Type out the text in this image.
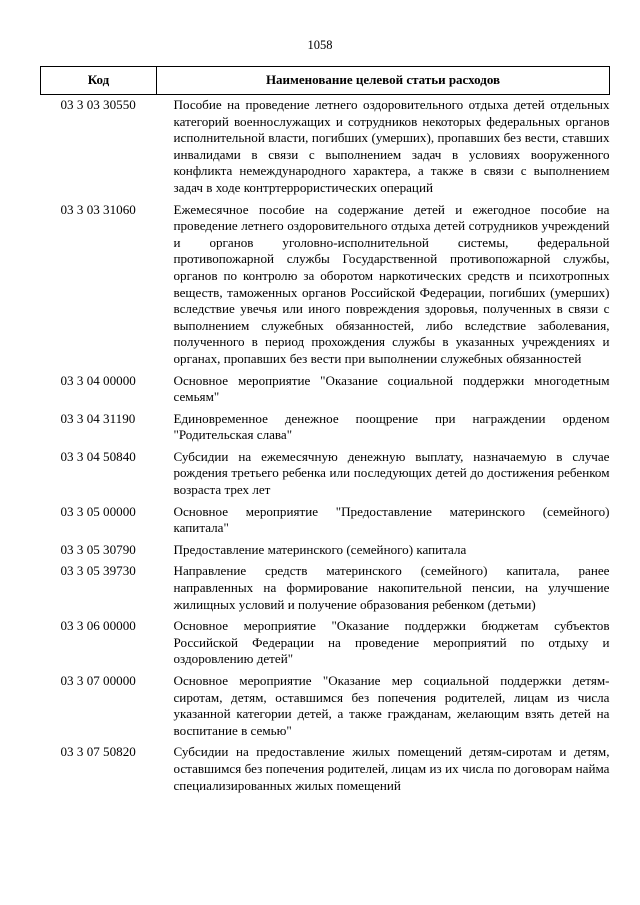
1058
Код	Наименование целевой статьи расходов
03 3 03 30550	Пособие на проведение летнего оздоровительного отдыха детей отдельных категорий военнослужащих и сотрудников некоторых федеральных органов исполнительной власти, погибших (умерших), пропавших без вести, ставших инвалидами в связи с выполнением задач в условиях вооруженного конфликта немеждународного характера, а также в связи с выполнением задач в ходе контртеррористических операций
03 3 03 31060	Ежемесячное пособие на содержание детей и ежегодное пособие на проведение летнего оздоровительного отдыха детей сотрудников учреждений и органов уголовно-исполнительной системы, федеральной противопожарной службы Государственной противопожарной службы, органов по контролю за оборотом наркотических средств и психотропных веществ, таможенных органов Российской Федерации, погибших (умерших) вследствие увечья или иного повреждения здоровья, полученных в связи с выполнением служебных обязанностей, либо вследствие заболевания, полученного в период прохождения службы в указанных учреждениях и органах, пропавших без вести при выполнении служебных обязанностей
03 3 04 00000	Основное мероприятие "Оказание социальной поддержки многодетным семьям"
03 3 04 31190	Единовременное денежное поощрение при награждении орденом "Родительская слава"
03 3 04 50840	Субсидии на ежемесячную денежную выплату, назначаемую в случае рождения третьего ребенка или последующих детей до достижения ребенком возраста трех лет
03 3 05 00000	Основное мероприятие "Предоставление материнского (семейного) капитала"
03 3 05 30790	Предоставление материнского (семейного) капитала
03 3 05 39730	Направление средств материнского (семейного) капитала, ранее направленных на формирование накопительной пенсии, на улучшение жилищных условий и получение образования ребенком (детьми)
03 3 06 00000	Основное мероприятие "Оказание поддержки бюджетам субъектов Российской Федерации на проведение мероприятий по отдыху и оздоровлению детей"
03 3 07 00000	Основное мероприятие "Оказание мер социальной поддержки детям-сиротам, детям, оставшимся без попечения родителей, лицам из числа указанной категории детей, а также гражданам, желающим взять детей на воспитание в семью"
03 3 07 50820	Субсидии на предоставление жилых помещений детям-сиротам и детям, оставшимся без попечения родителей, лицам из их числа по договорам найма специализированных жилых помещений
